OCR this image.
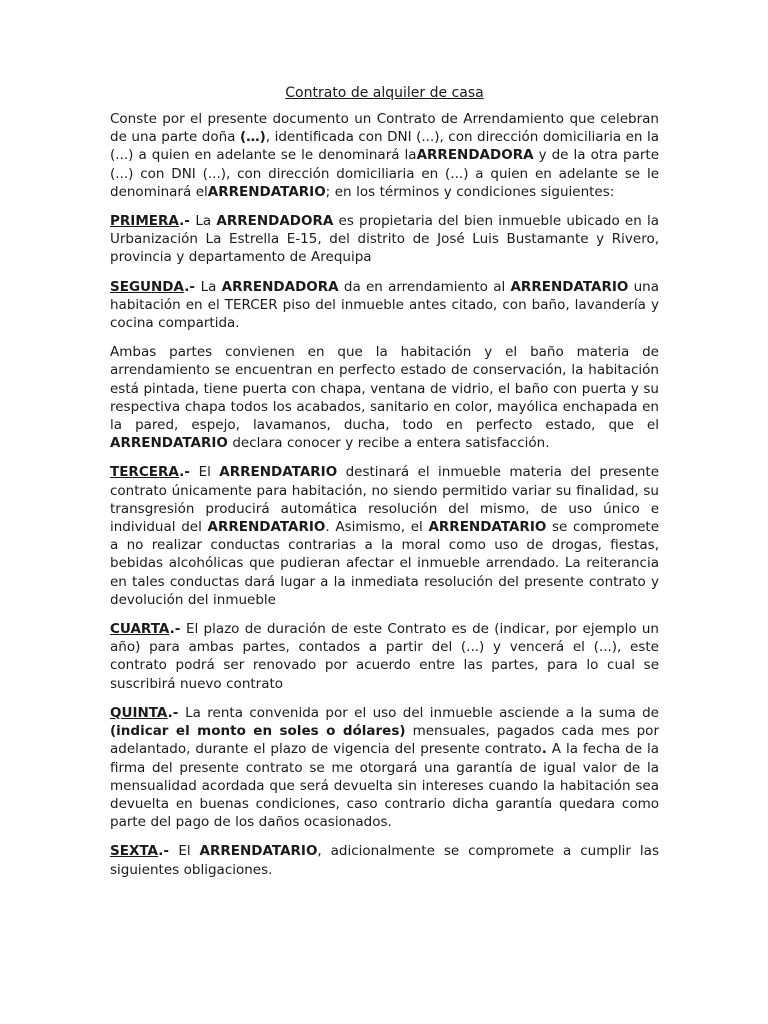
Contrato de alquiler de casa

Conste por el presente documento un Contrato de Arrendamiento que celebran de una parte doña (…), identificada con DNI (...), con dirección domiciliaria en la (...) a quien en adelante se le denominará laARRENDADORA y de la otra parte (...) con DNI (...), con dirección domiciliaria en (...) a quien en adelante se le denominará elARRENDATARIO; en los términos y condiciones siguientes:

PRIMERA.- La ARRENDADORA es propietaria del bien inmueble ubicado en la Urbanización La Estrella E-15, del distrito de José Luis Bustamante y Rivero, provincia y departamento de Arequipa

SEGUNDA.- La ARRENDADORA da en arrendamiento al ARRENDATARIO una habitación en el TERCER piso del inmueble antes citado, con baño, lavandería y cocina compartida.

Ambas partes convienen en que la habitación y el baño materia de arrendamiento se encuentran en perfecto estado de conservación, la habitación está pintada, tiene puerta con chapa, ventana de vidrio, el baño con puerta y su respectiva chapa todos los acabados, sanitario en color, mayólica enchapada en la pared, espejo, lavamanos, ducha, todo en perfecto estado, que el ARRENDATARIO declara conocer y recibe a entera satisfacción.

TERCERA.- El ARRENDATARIO destinará el inmueble materia del presente contrato únicamente para habitación, no siendo permitido variar su finalidad, su transgresión producirá automática resolución del mismo, de uso único e individual del ARRENDATARIO. Asimismo, el ARRENDATARIO se compromete a no realizar conductas contrarias a la moral como uso de drogas, fiestas, bebidas alcohólicas que pudieran afectar el inmueble arrendado. La reiterancia en tales conductas dará lugar a la inmediata resolución del presente contrato y devolución del inmueble

CUARTA.- El plazo de duración de este Contrato es de (indicar, por ejemplo un año) para ambas partes, contados a partir del (...) y vencerá el (...), este contrato podrá ser renovado por acuerdo entre las partes, para lo cual se suscribirá nuevo contrato

QUINTA.- La renta convenida por el uso del inmueble asciende a la suma de (indicar el monto en soles o dólares) mensuales, pagados cada mes por adelantado, durante el plazo de vigencia del presente contrato. A la fecha de la firma del presente contrato se me otorgará una garantía de igual valor de la mensualidad acordada que será devuelta sin intereses cuando la habitación sea devuelta en buenas condiciones, caso contrario dicha garantía quedara como parte del pago de los daños ocasionados.

SEXTA.- El ARRENDATARIO, adicionalmente se compromete a cumplir las siguientes obligaciones.
